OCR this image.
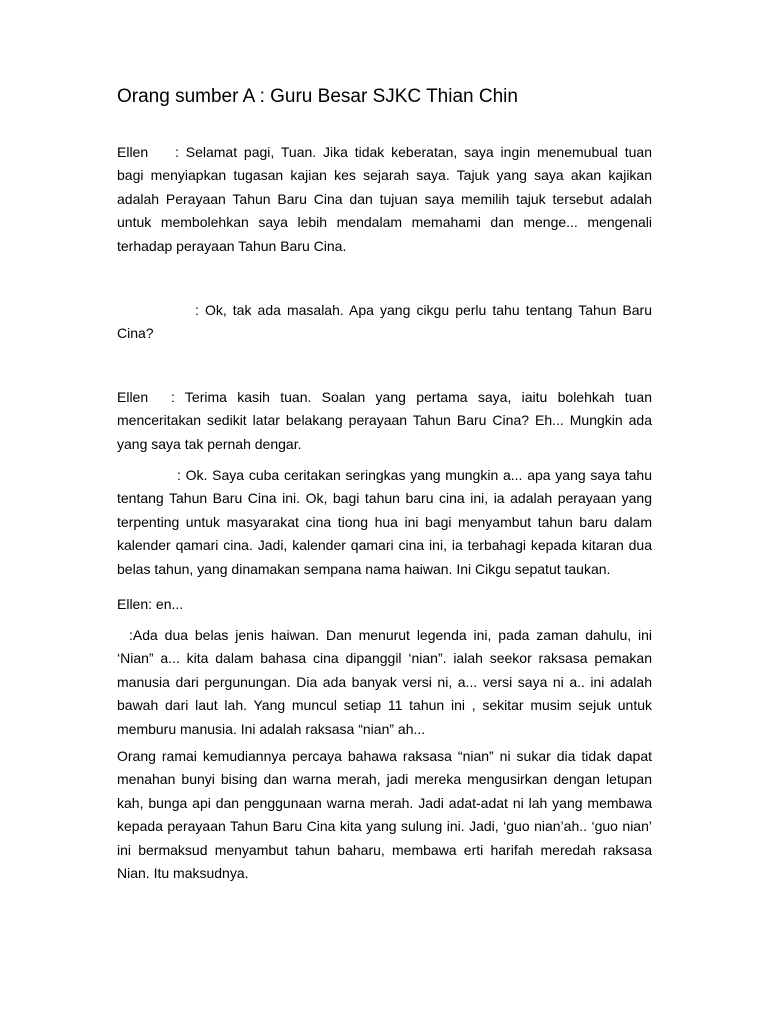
Orang sumber A : Guru Besar SJKC Thian Chin

Ellen : Selamat pagi, Tuan. Jika tidak keberatan, saya ingin menemubual tuan bagi menyiapkan tugasan kajian kes sejarah saya. Tajuk yang saya akan kajikan adalah Perayaan Tahun Baru Cina dan tujuan saya memilih tajuk tersebut adalah untuk membolehkan saya lebih mendalam memahami dan menge... mengenali terhadap perayaan Tahun Baru Cina.

: Ok, tak ada masalah. Apa yang cikgu perlu tahu tentang Tahun Baru Cina?

Ellen : Terima kasih tuan. Soalan yang pertama saya, iaitu bolehkah tuan menceritakan sedikit latar belakang perayaan Tahun Baru Cina? Eh... Mungkin ada yang saya tak pernah dengar.

: Ok. Saya cuba ceritakan seringkas yang mungkin a... apa yang saya tahu tentang Tahun Baru Cina ini. Ok, bagi tahun baru cina ini, ia adalah perayaan yang terpenting untuk masyarakat cina tiong hua ini bagi menyambut tahun baru dalam kalender qamari cina. Jadi, kalender qamari cina ini, ia terbahagi kepada kitaran dua belas tahun, yang dinamakan sempana nama haiwan. Ini Cikgu sepatut taukan.

Ellen: en...

:Ada dua belas jenis haiwan. Dan menurut legenda ini, pada zaman dahulu, ini ‘Nian” a... kita dalam bahasa cina dipanggil ‘nian”. ialah seekor raksasa pemakan manusia dari pergunungan. Dia ada banyak versi ni, a... versi saya ni a.. ini adalah bawah dari laut lah. Yang muncul setiap 11 tahun ini , sekitar musim sejuk untuk memburu manusia. Ini adalah raksasa “nian” ah...

Orang ramai kemudiannya percaya bahawa raksasa “nian” ni sukar dia tidak dapat menahan bunyi bising dan warna merah, jadi mereka mengusirkan dengan letupan kah, bunga api dan penggunaan warna merah. Jadi adat-adat ni lah yang membawa kepada perayaan Tahun Baru Cina kita yang sulung ini. Jadi, ‘guo nian’ah.. ‘guo nian’ ini bermaksud menyambut tahun baharu, membawa erti harifah meredah raksasa Nian. Itu maksudnya.
